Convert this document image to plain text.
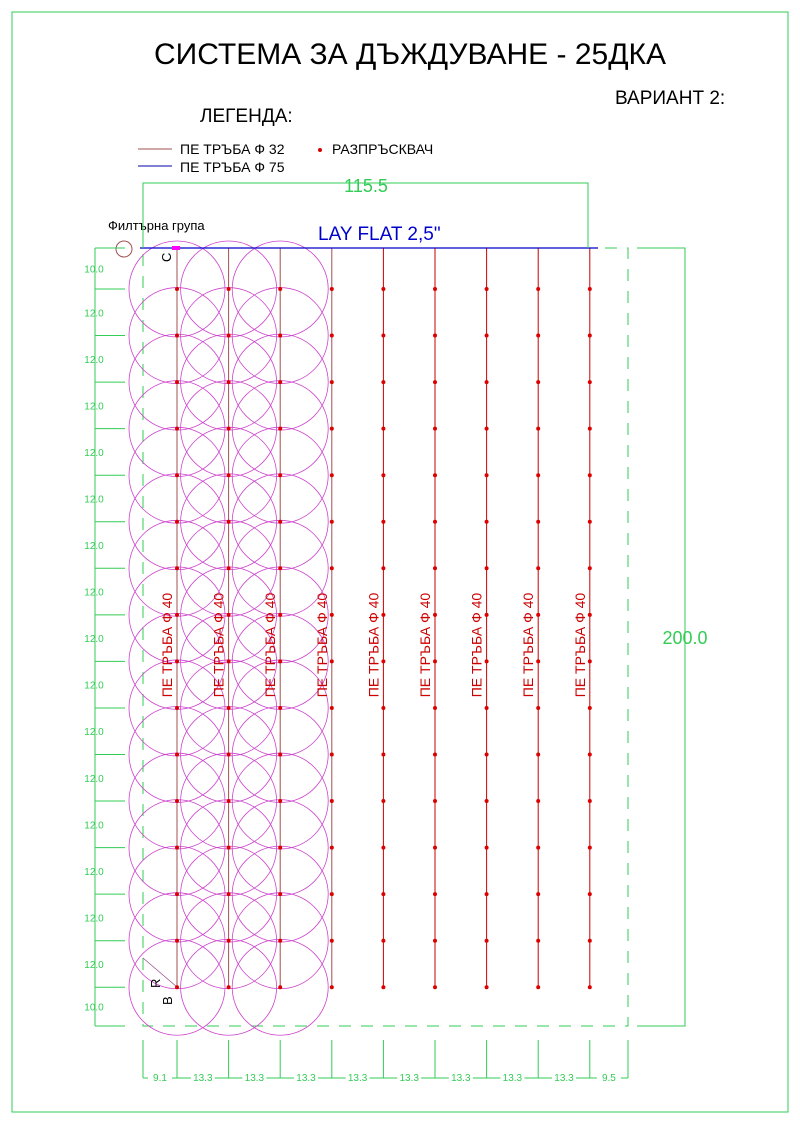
СИСТЕМА ЗА ДЪЖДУВАНЕ - 25ДКА
ВАРИАНТ 2:
ЛЕГЕНДА:
ПЕ ТРЪБА Ф 32
ПЕ ТРЪБА Ф 75
РАЗПРЪСКВАЧ
Филтърна група	LAY FLAT 2,5"
ПЕ ТРЪБА Ф 40	ПЕ ТРЪБА Ф 40	ПЕ ТРЪБА Ф 40	ПЕ ТРЪБА Ф 40	ПЕ ТРЪБА Ф 40	ПЕ ТРЪБА Ф 40	ПЕ ТРЪБА Ф 40	ПЕ ТРЪБА Ф 40	ПЕ ТРЪБА Ф 40
10.0
12.0
12.0
12.0
12.0
12.0
12.0
12.0
12.0
12.0
12.0
12.0
12.0
12.0
12.0
12.0
10.0
9.1	13.3	13.3	13.3	13.3	13.3	13.3	13.3	13.3	9.5
C
B
R
115.5
200.0
